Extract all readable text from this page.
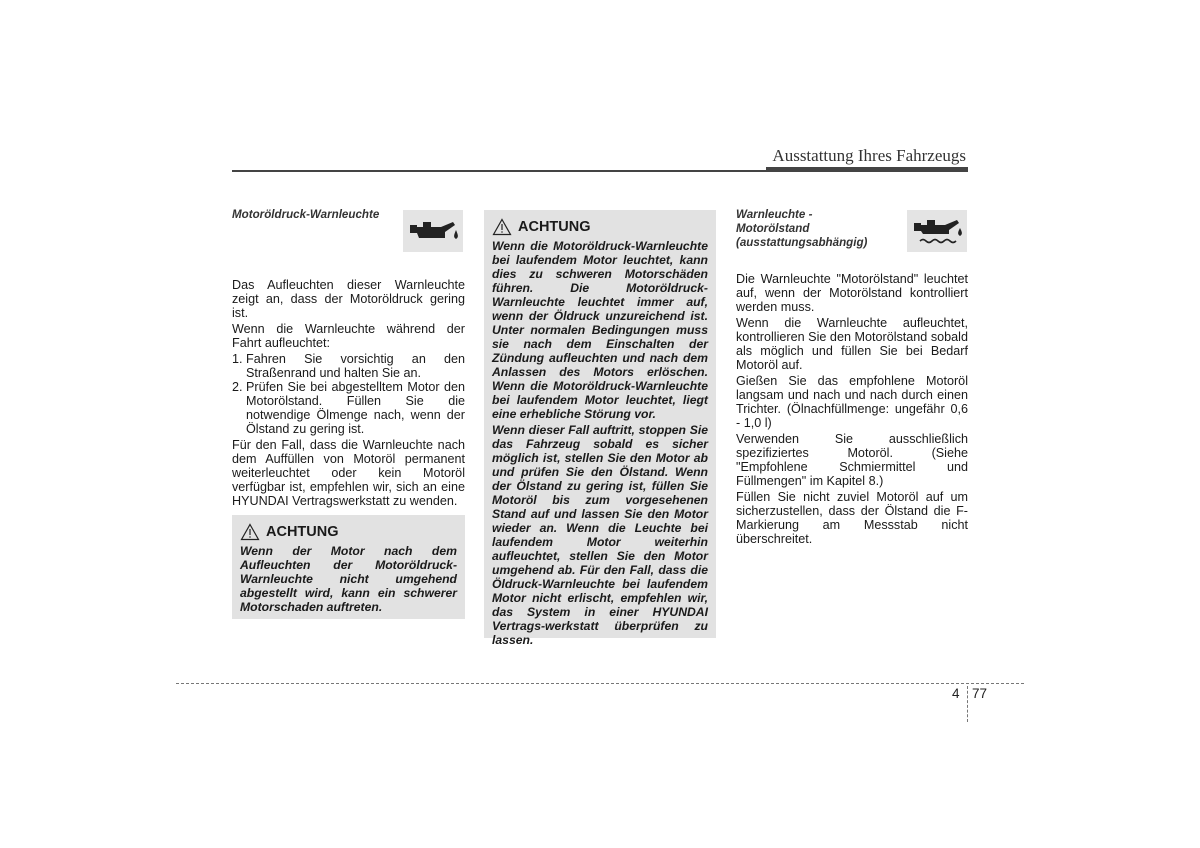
Ausstattung Ihres Fahrzeugs
Motoröldruck-Warnleuchte

Das Aufleuchten dieser Warnleuchte zeigt an, dass der Motoröldruck gering ist.

Wenn die Warnleuchte während der Fahrt aufleuchtet:

1. Fahren Sie vorsichtig an den Straßenrand und halten Sie an.
2. Prüfen Sie bei abgestelltem Motor den Motorölstand. Füllen Sie die notwendige Ölmenge nach, wenn der Ölstand zu gering ist.

Für den Fall, dass die Warnleuchte nach dem Auffüllen von Motoröl permanent weiterleuchtet oder kein Motoröl verfügbar ist, empfehlen wir, sich an eine HYUNDAI Vertragswerkstatt zu wenden.

ACHTUNG

Wenn der Motor nach dem Aufleuchten der Motoröldruck-Warnleuchte nicht umgehend abgestellt wird, kann ein schwerer Motorschaden auftreten.

ACHTUNG

Wenn die Motoröldruck-Warnleuchte bei laufendem Motor leuchtet, kann dies zu schweren Motorschäden führen. Die Motoröldruck-Warnleuchte leuchtet immer auf, wenn der Öldruck unzureichend ist. Unter normalen Bedingungen muss sie nach dem Einschalten der Zündung aufleuchten und nach dem Anlassen des Motors erlöschen. Wenn die Motoröldruck-Warnleuchte bei laufendem Motor leuchtet, liegt eine erhebliche Störung vor.

Wenn dieser Fall auftritt, stoppen Sie das Fahrzeug sobald es sicher möglich ist, stellen Sie den Motor ab und prüfen Sie den Ölstand. Wenn der Ölstand zu gering ist, füllen Sie Motoröl bis zum vorgesehenen Stand auf und lassen Sie den Motor wieder an. Wenn die Leuchte bei laufendem Motor weiterhin aufleuchtet, stellen Sie den Motor umgehend ab. Für den Fall, dass die Öldruck-Warnleuchte bei laufendem Motor nicht erlischt, empfehlen wir, das System in einer HYUNDAI Vertrags-werkstatt überprüfen zu lassen.

Warnleuchte -
Motorölstand
(ausstattungsabhängig)

Die Warnleuchte "Motorölstand" leuchtet auf, wenn der Motorölstand kontrolliert werden muss.

Wenn die Warnleuchte aufleuchtet, kontrollieren Sie den Motorölstand sobald als möglich und füllen Sie bei Bedarf Motoröl auf.

Gießen Sie das empfohlene Motoröl langsam und nach und nach durch einen Trichter. (Ölnachfüllmenge: ungefähr 0,6 - 1,0 l)

Verwenden Sie ausschließlich spezifiziertes Motoröl. (Siehe "Empfohlene Schmiermittel und Füllmengen" im Kapitel 8.)

Füllen Sie nicht zuviel Motoröl auf um sicherzustellen, dass der Ölstand die F-Markierung am Messstab nicht überschreitet.

4 77
